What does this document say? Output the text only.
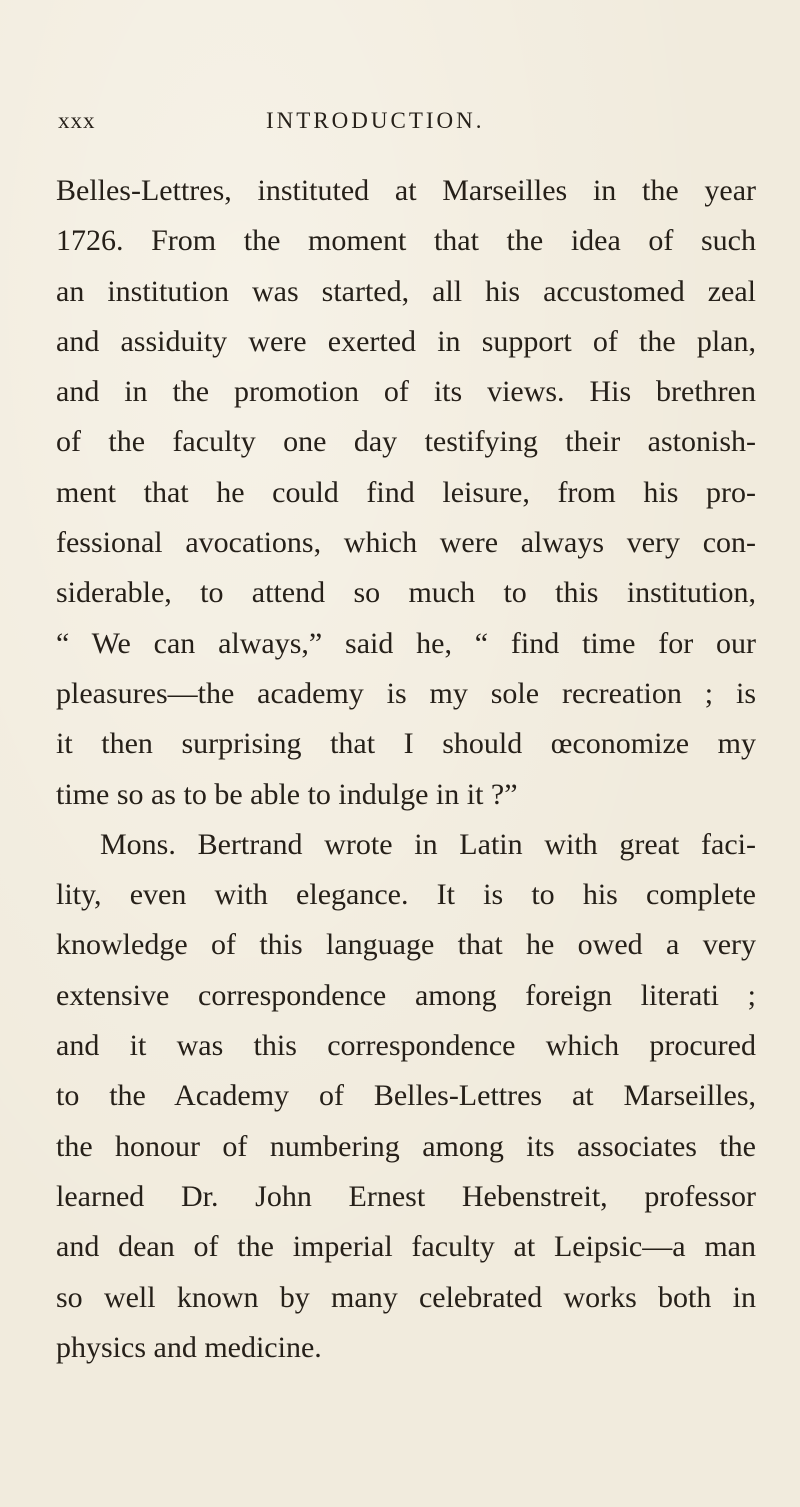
xxx	INTRODUCTION.
Belles-Lettres, instituted at Marseilles in the year
1726. From the moment that the idea of such
an institution was started, all his accustomed zeal
and assiduity were exerted in support of the plan,
and in the promotion of its views. His brethren
of the faculty one day testifying their astonish-
ment that he could find leisure, from his pro-
fessional avocations, which were always very con-
siderable, to attend so much to this institution,
“ We can always,” said he, “ find time for our
pleasures—the academy is my sole recreation ; is
it then surprising that I should œconomize my
time so as to be able to indulge in it ?”
Mons. Bertrand wrote in Latin with great faci-
lity, even with elegance. It is to his complete
knowledge of this language that he owed a very
extensive correspondence among foreign literati ;
and it was this correspondence which procured
to the Academy of Belles-Lettres at Marseilles,
the honour of numbering among its associates the
learned Dr. John Ernest Hebenstreit, professor
and dean of the imperial faculty at Leipsic—a man
so well known by many celebrated works both in
physics and medicine.
